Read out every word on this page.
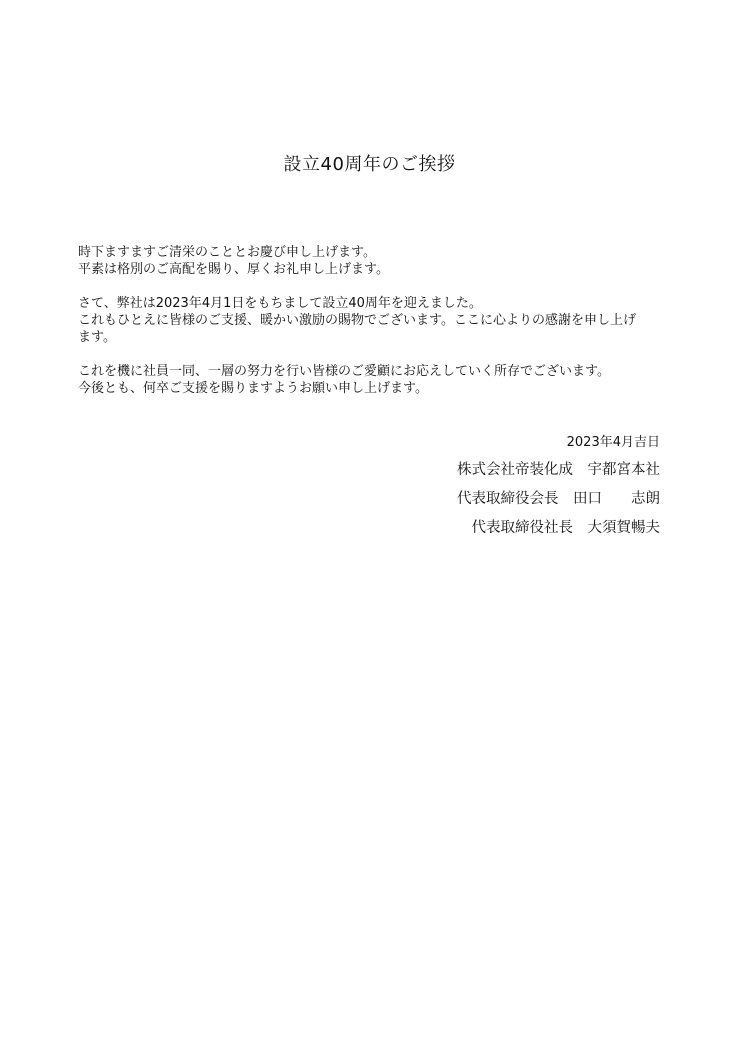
設立40周年のご挨拶

時下ますますご清栄のこととお慶び申し上げます。
平素は格別のご高配を賜り、厚くお礼申し上げます。

さて、弊社は2023年4月1日をもちまして設立40周年を迎えました。
これもひとえに皆様のご支援、暖かい激励の賜物でございます。ここに心よりの感謝を申し上げ
ます。

これを機に社員一同、一層の努力を行い皆様のご愛顧にお応えしていく所存でございます。
今後とも、何卒ご支援を賜りますようお願い申し上げます。

2023年4月吉日
株式会社帝装化成　宇都宮本社
代表取締役会長　田口　　志朗
代表取締役社長　大須賀暢夫
